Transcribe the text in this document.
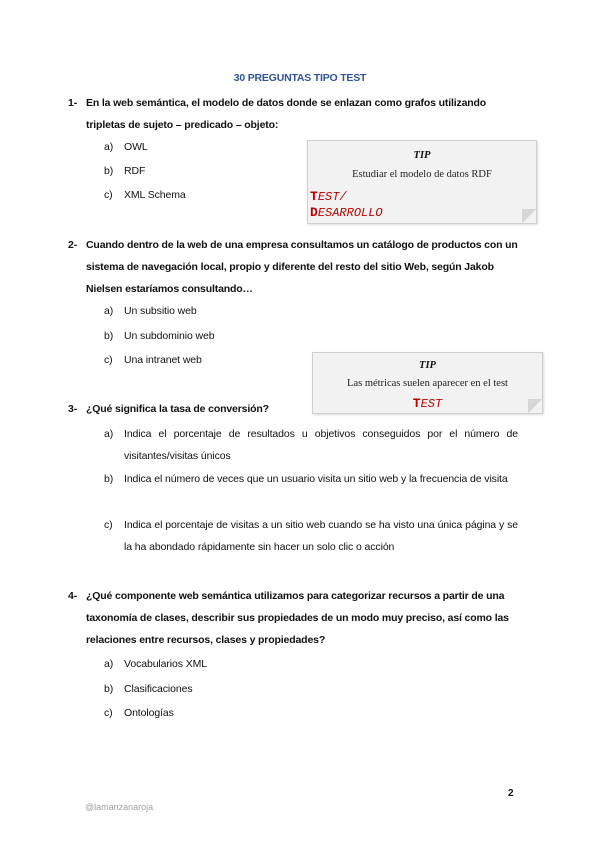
30 PREGUNTAS TIPO TEST
1- En la web semántica, el modelo de datos donde se enlazan como grafos utilizando tripletas de sujeto – predicado – objeto:
a)	OWL
b)	RDF
c)	XML Schema
TIP
Estudiar el modelo de datos RDF
TEST/
DESARROLLO
2- Cuando dentro de la web de una empresa consultamos un catálogo de productos con un sistema de navegación local, propio y diferente del resto del sitio Web, según Jakob Nielsen estaríamos consultando…
a)	Un subsitio web
b)	Un subdominio web
c)	Una intranet web	TIP
Las métricas suelen aparecer en el test
TEST
3- ¿Qué significa la tasa de conversión?
a)	Indica el porcentaje de resultados u objetivos conseguidos por el número de visitantes/visitas únicos
b)	Indica el número de veces que un usuario visita un sitio web y la frecuencia de visita
c)	Indica el porcentaje de visitas a un sitio web cuando se ha visto una única página y se la ha abondado rápidamente sin hacer un solo clic o acción
4- ¿Qué componente web semántica utilizamos para categorizar recursos a partir de una taxonomía de clases, describir sus propiedades de un modo muy preciso, así como las relaciones entre recursos, clases y propiedades?
a)	Vocabularios XML
b)	Clasificaciones
c)	Ontologías
2
@lamanzanaroja
